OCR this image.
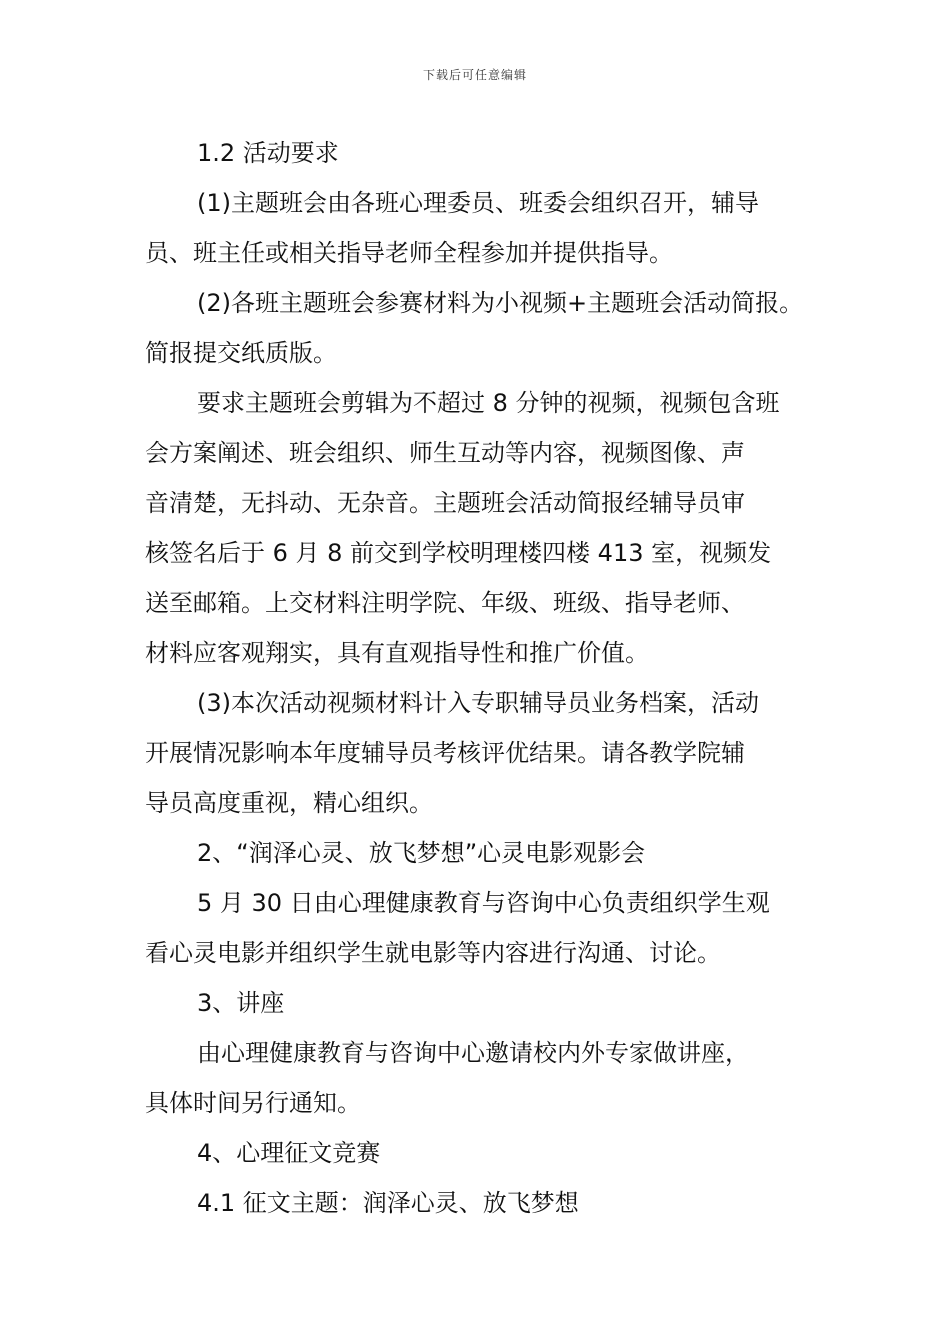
下载后可任意编辑
1.2 活动要求
(1)主题班会由各班心理委员、班委会组织召开，辅导
员、班主任或相关指导老师全程参加并提供指导。
(2)各班主题班会参赛材料为小视频+主题班会活动简报。
简报提交纸质版。
要求主题班会剪辑为不超过 8 分钟的视频，视频包含班
会方案阐述、班会组织、师生互动等内容，视频图像、声
音清楚，无抖动、无杂音。主题班会活动简报经辅导员审
核签名后于 6 月 8 前交到学校明理楼四楼 413 室，视频发
送至邮箱。上交材料注明学院、年级、班级、指导老师、
材料应客观翔实，具有直观指导性和推广价值。
(3)本次活动视频材料计入专职辅导员业务档案，活动
开展情况影响本年度辅导员考核评优结果。请各教学院辅
导员高度重视，精心组织。
2、“润泽心灵、放飞梦想”心灵电影观影会
5 月 30 日由心理健康教育与咨询中心负责组织学生观
看心灵电影并组织学生就电影等内容进行沟通、讨论。
3、讲座
由心理健康教育与咨询中心邀请校内外专家做讲座，
具体时间另行通知。
4、心理征文竞赛
4.1 征文主题：润泽心灵、放飞梦想
